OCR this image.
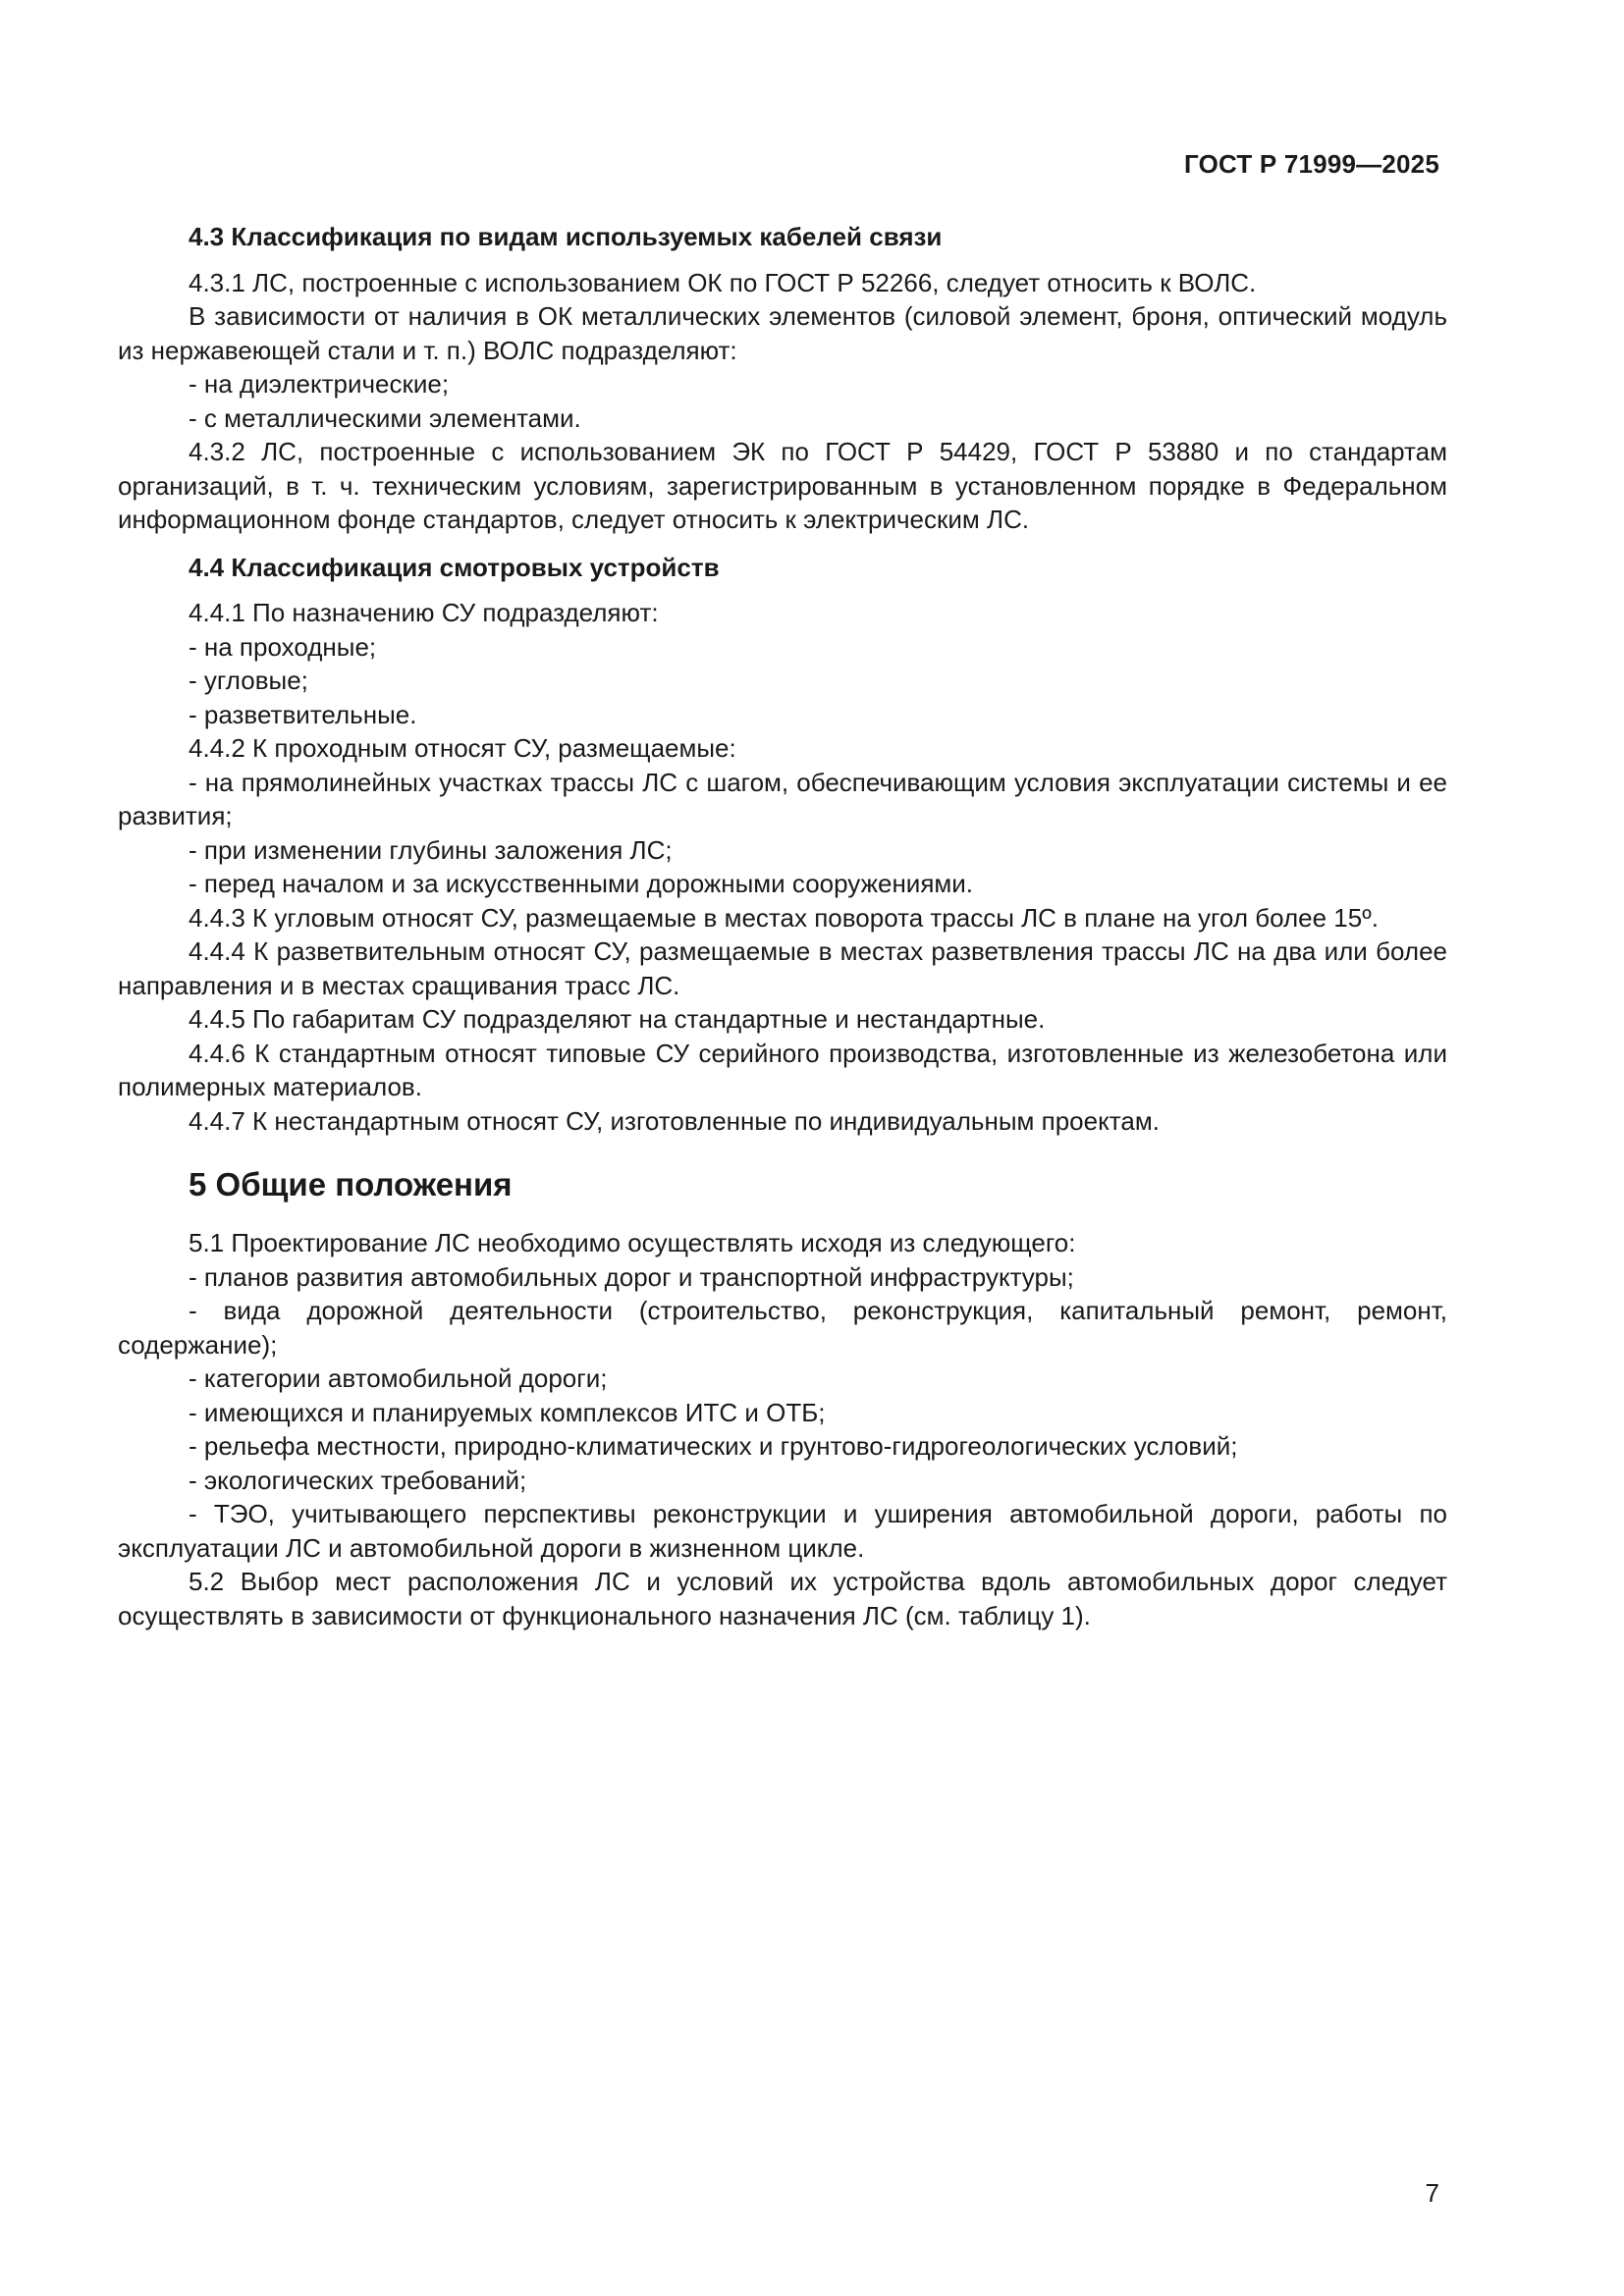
ГОСТ Р 71999—2025
4.3 Классификация по видам используемых кабелей связи

4.3.1 ЛС, построенные с использованием ОК по ГОСТ Р 52266, следует относить к ВОЛС.

В зависимости от наличия в ОК металлических элементов (силовой элемент, броня, оптический модуль из нержавеющей стали и т. п.) ВОЛС подразделяют:

- на диэлектрические;

- с металлическими элементами.

4.3.2 ЛС, построенные с использованием ЭК по ГОСТ Р 54429, ГОСТ Р 53880 и по стандартам организаций, в т. ч. техническим условиям, зарегистрированным в установленном порядке в Федеральном информационном фонде стандартов, следует относить к электрическим ЛС.

4.4 Классификация смотровых устройств

4.4.1 По назначению СУ подразделяют:

- на проходные;

- угловые;

- разветвительные.

4.4.2 К проходным относят СУ, размещаемые:

- на прямолинейных участках трассы ЛС с шагом, обеспечивающим условия эксплуатации системы и ее развития;

- при изменении глубины заложения ЛС;

- перед началом и за искусственными дорожными сооружениями.

4.4.3 К угловым относят СУ, размещаемые в местах поворота трассы ЛС в плане на угол более 15º.

4.4.4 К разветвительным относят СУ, размещаемые в местах разветвления трассы ЛС на два или более направления и в местах сращивания трасс ЛС.

4.4.5 По габаритам СУ подразделяют на стандартные и нестандартные.

4.4.6 К стандартным относят типовые СУ серийного производства, изготовленные из железобетона или полимерных материалов.

4.4.7 К нестандартным относят СУ, изготовленные по индивидуальным проектам.

5 Общие положения

5.1 Проектирование ЛС необходимо осуществлять исходя из следующего:

- планов развития автомобильных дорог и транспортной инфраструктуры;

- вида дорожной деятельности (строительство, реконструкция, капитальный ремонт, ремонт, содержание);

- категории автомобильной дороги;

- имеющихся и планируемых комплексов ИТС и ОТБ;

- рельефа местности, природно-климатических и грунтово-гидрогеологических условий;

- экологических требований;

- ТЭО, учитывающего перспективы реконструкции и уширения автомобильной дороги, работы по эксплуатации ЛС и автомобильной дороги в жизненном цикле.

5.2 Выбор мест расположения ЛС и условий их устройства вдоль автомобильных дорог следует осуществлять в зависимости от функционального назначения ЛС (см. таблицу 1).

7
